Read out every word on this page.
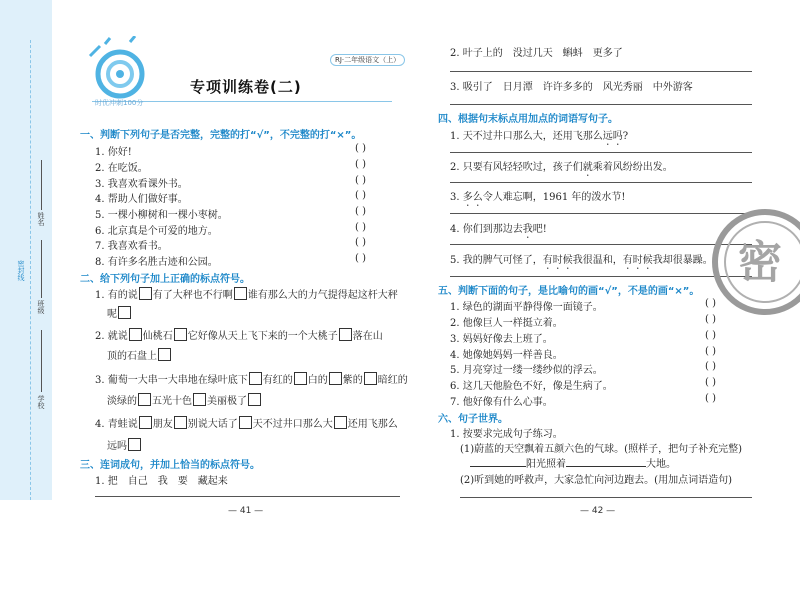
姓名
班级
学校
密封线
时优冲刺100分
RJ·二年级语文（上）
专项训练卷(二)
一、判断下列句子是否完整，完整的打“√”，不完整的打“×”。
1. 你好!
2. 在吃饭。
3. 我喜欢看课外书。
4. 帮助人们做好事。
5. 一棵小柳树和一棵小枣树。
6. 北京真是个可爱的地方。
7. 我喜欢看书。
8. 有许多名胜古迹和公园。
( )
( )
( )
( )
( )
( )
( )
( )
二、给下列句子加上正确的标点符号。
1. 有的说 有了大秤也不行啊 谁有那么大的力气提得起这杆大秤
呢
2. 就说 仙桃石 它好像从天上飞下来的一个大桃子 落在山
顶的石盘上
3. 葡萄一大串一大串地在绿叶底下 有红的 白的 紫的 暗红的
淡绿的 五光十色 美丽极了
4. 青蛙说 朋友 别说大话了 天不过井口那么大 还用飞那么
远吗
三、连词成句，并加上恰当的标点符号。
1. 把　自己　我　要　藏起来
— 41 —
2. 叶子上的　没过几天　蝌蚪　更多了
3. 吸引了　日月潭　许许多多的　风光秀丽　中外游客
四、根据句末标点用加点的词语写句子。
1. 天不过井口那么大，还用飞那么远吗?
2. 只要有风轻轻吹过，孩子们就乘着风纷纷出发。
3. 多么令人难忘啊，1961 年的泼水节!
4. 你们到那边去我吧!
5. 我的脾气可怪了，有时候我很温和，有时候我却很暴躁。
五、判断下面的句子，是比喻句的画“√”，不是的画“×”。
1. 绿色的湖面平静得像一面镜子。
2. 他像巨人一样挺立着。
3. 妈妈好像去上班了。
4. 她像她妈妈一样善良。
5. 月亮穿过一缕一缕纱似的浮云。
6. 这几天他脸色不好，像是生病了。
7. 他好像有什么心事。
( )
( )
( )
( )
( )
( )
( )
六、句子世界。
1. 按要求完成句子练习。
(1)蔚蓝的天空飘着五颜六色的气球。(照样子，把句子补充完整)
阳光照着	大地。
(2)听到她的呼救声，大家急忙向河边跑去。(用加点词语造句)
— 42 —
密
